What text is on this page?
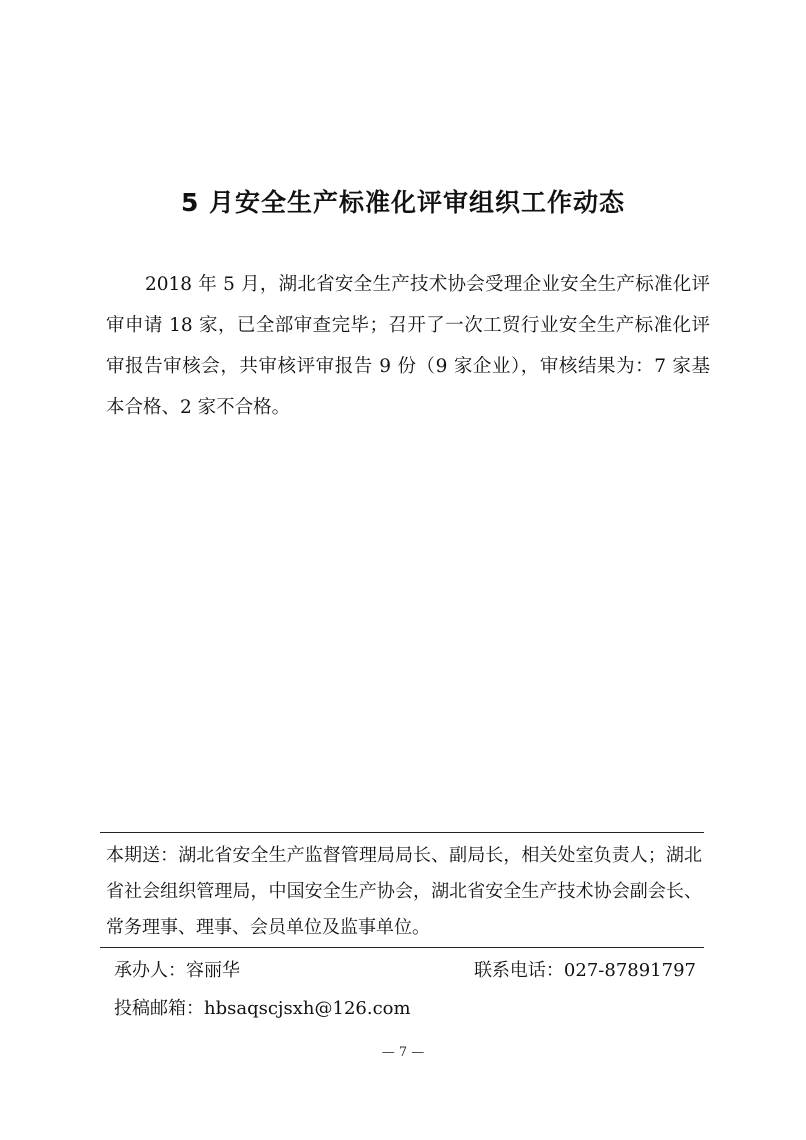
5 月安全生产标准化评审组织工作动态

2018 年 5 月，湖北省安全生产技术协会受理企业安全生产标准化评审申请 18 家，已全部审查完毕；召开了一次工贸行业安全生产标准化评审报告审核会，共审核评审报告 9 份（9 家企业），审核结果为：7 家基本合格、2 家不合格。

本期送：湖北省安全生产监督管理局局长、副局长，相关处室负责人；湖北省社会组织管理局，中国安全生产协会，湖北省安全生产技术协会副会长、常务理事、理事、会员单位及监事单位。

承办人：容丽华	联系电话：027-87891797
投稿邮箱：hbsaqscjsxh@126.com
— 7 —
